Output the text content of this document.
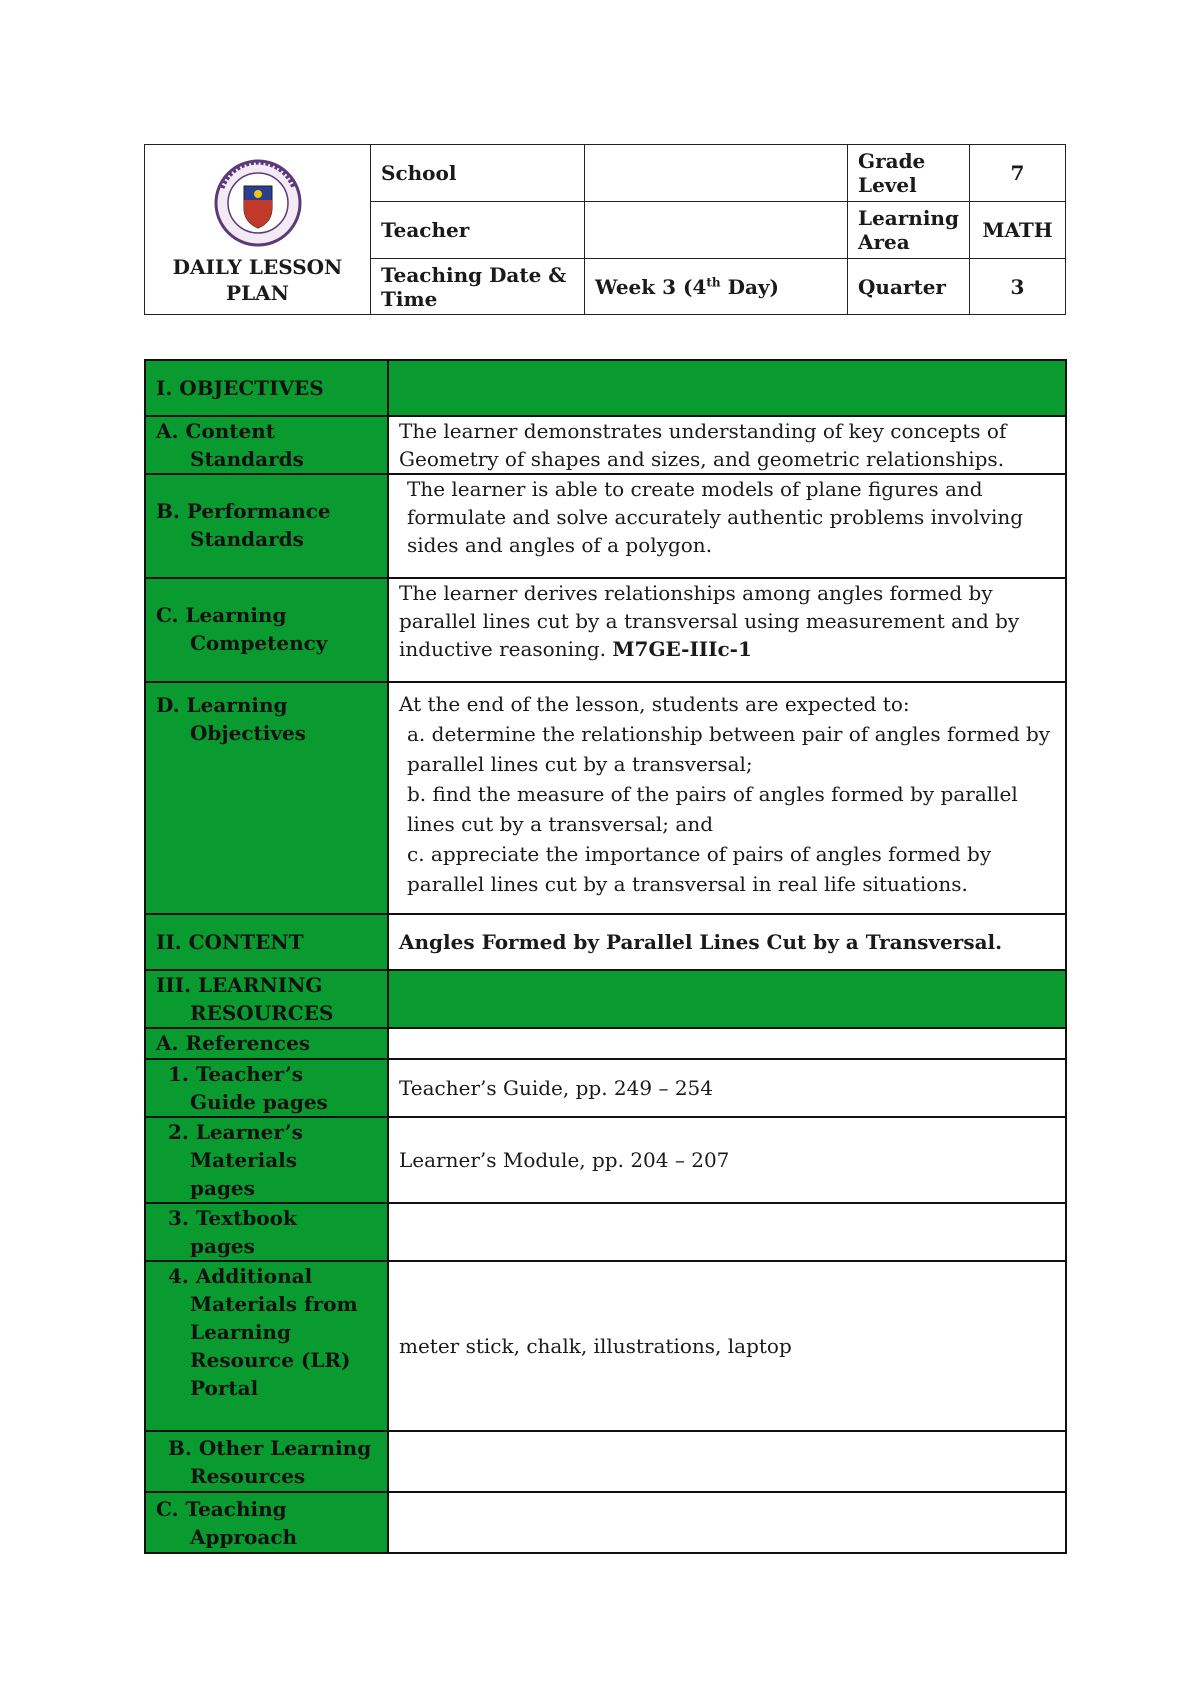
DAILY LESSON PLAN	School		Grade Level	7
	Teacher		Learning Area	MATH
	Teaching Date & Time	Week 3 (4th Day)	Quarter	3
I. OBJECTIVES	
A. Content
Standards	The learner demonstrates understanding of key concepts of Geometry of shapes and sizes, and geometric relationships.
B. Performance
Standards	The learner is able to create models of plane figures and formulate and solve accurately authentic problems involving sides and angles of a polygon.
C. Learning
Competency	The learner derives relationships among angles formed by parallel lines cut by a transversal using measurement and by inductive reasoning. M7GE-IIIc-1
D. Learning
Objectives	At the end of the lesson, students are expected to:
a. determine the relationship between pair of angles formed by parallel lines cut by a transversal;
b. find the measure of the pairs of angles formed by parallel lines cut by a transversal; and
c. appreciate the importance of pairs of angles formed by parallel lines cut by a transversal in real life situations.

II. CONTENT	Angles Formed by Parallel Lines Cut by a Transversal.
III. LEARNING
RESOURCES	

A. References	
1. Teacher’s
Guide pages	Teacher’s Guide, pp. 249 – 254
2. Learner’s
Materials
pages	Learner’s Module, pp. 204 – 207
3. Textbook
pages	

4. Additional
Materials from
Learning
Resource (LR)
Portal	meter stick, chalk, illustrations, laptop
B. Other Learning
Resources	

C. Teaching
Approach	
